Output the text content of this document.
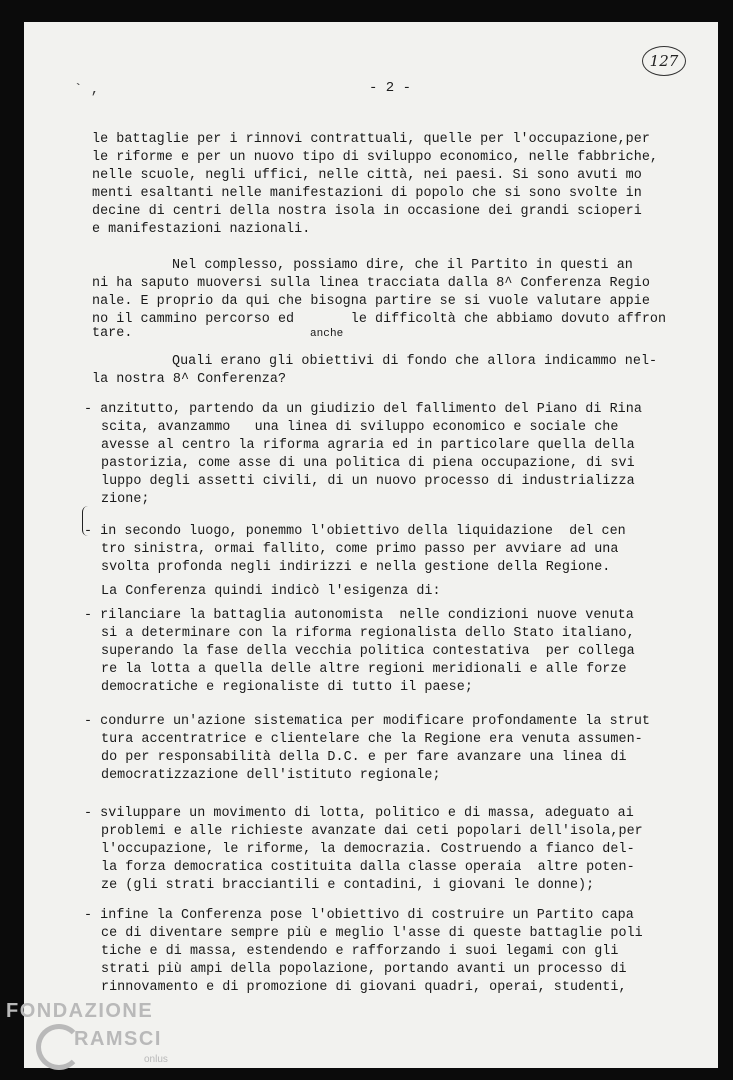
` ,	- 2 -
127
le battaglie per i rinnovi contrattuali, quelle per l'occupazione,per
le riforme e per un nuovo tipo di sviluppo economico, nelle fabbriche,
nelle scuole, negli uffici, nelle città, nei paesi. Si sono avuti mo
menti esaltanti nelle manifestazioni di popolo che si sono svolte in
decine di centri della nostra isola in occasione dei grandi scioperi
e manifestazioni nazionali.
Nel complesso, possiamo dire, che il Partito in questi an
ni ha saputo muoversi sulla linea tracciata dalla 8^ Conferenza Regio
nale. E proprio da qui che bisogna partire se si vuole valutare appie
no il cammino percorso ed       le difficoltà che abbiamo dovuto affron
anche
tare.
Quali erano gli obiettivi di fondo che allora indicammo nel-
la nostra 8^ Conferenza?
- anzitutto, partendo da un giudizio del fallimento del Piano di Rina
scita, avanzammo   una linea di sviluppo economico e sociale che
avesse al centro la riforma agraria ed in particolare quella della
pastorizia, come asse di una politica di piena occupazione, di svi
luppo degli assetti civili, di un nuovo processo di industrializza
zione;
- in secondo luogo, ponemmo l'obiettivo della liquidazione  del cen
tro sinistra, ormai fallito, come primo passo per avviare ad una
svolta profonda negli indirizzi e nella gestione della Regione.
La Conferenza quindi indicò l'esigenza di:
- rilanciare la battaglia autonomista  nelle condizioni nuove venuta
si a determinare con la riforma regionalista dello Stato italiano,
superando la fase della vecchia politica contestativa  per collega
re la lotta a quella delle altre regioni meridionali e alle forze
democratiche e regionaliste di tutto il paese;
- condurre un'azione sistematica per modificare profondamente la strut
tura accentratrice e clientelare che la Regione era venuta assumen-
do per responsabilità della D.C. e per fare avanzare una linea di
democratizzazione dell'istituto regionale;
- sviluppare un movimento di lotta, politico e di massa, adeguato ai
problemi e alle richieste avanzate dai ceti popolari dell'isola,per
l'occupazione, le riforme, la democrazia. Costruendo a fianco del-
la forza democratica costituita dalla classe operaia  altre poten-
ze (gli strati bracciantili e contadini, i giovani le donne);
- infine la Conferenza pose l'obiettivo di costruire un Partito capa
ce di diventare sempre più e meglio l'asse di queste battaglie poli
tiche e di massa, estendendo e rafforzando i suoi legami con gli
strati più ampi della popolazione, portando avanti un processo di
rinnovamento e di promozione di giovani quadri, operai, studenti,
FONDAZIONE
RAMSCI
onlus
